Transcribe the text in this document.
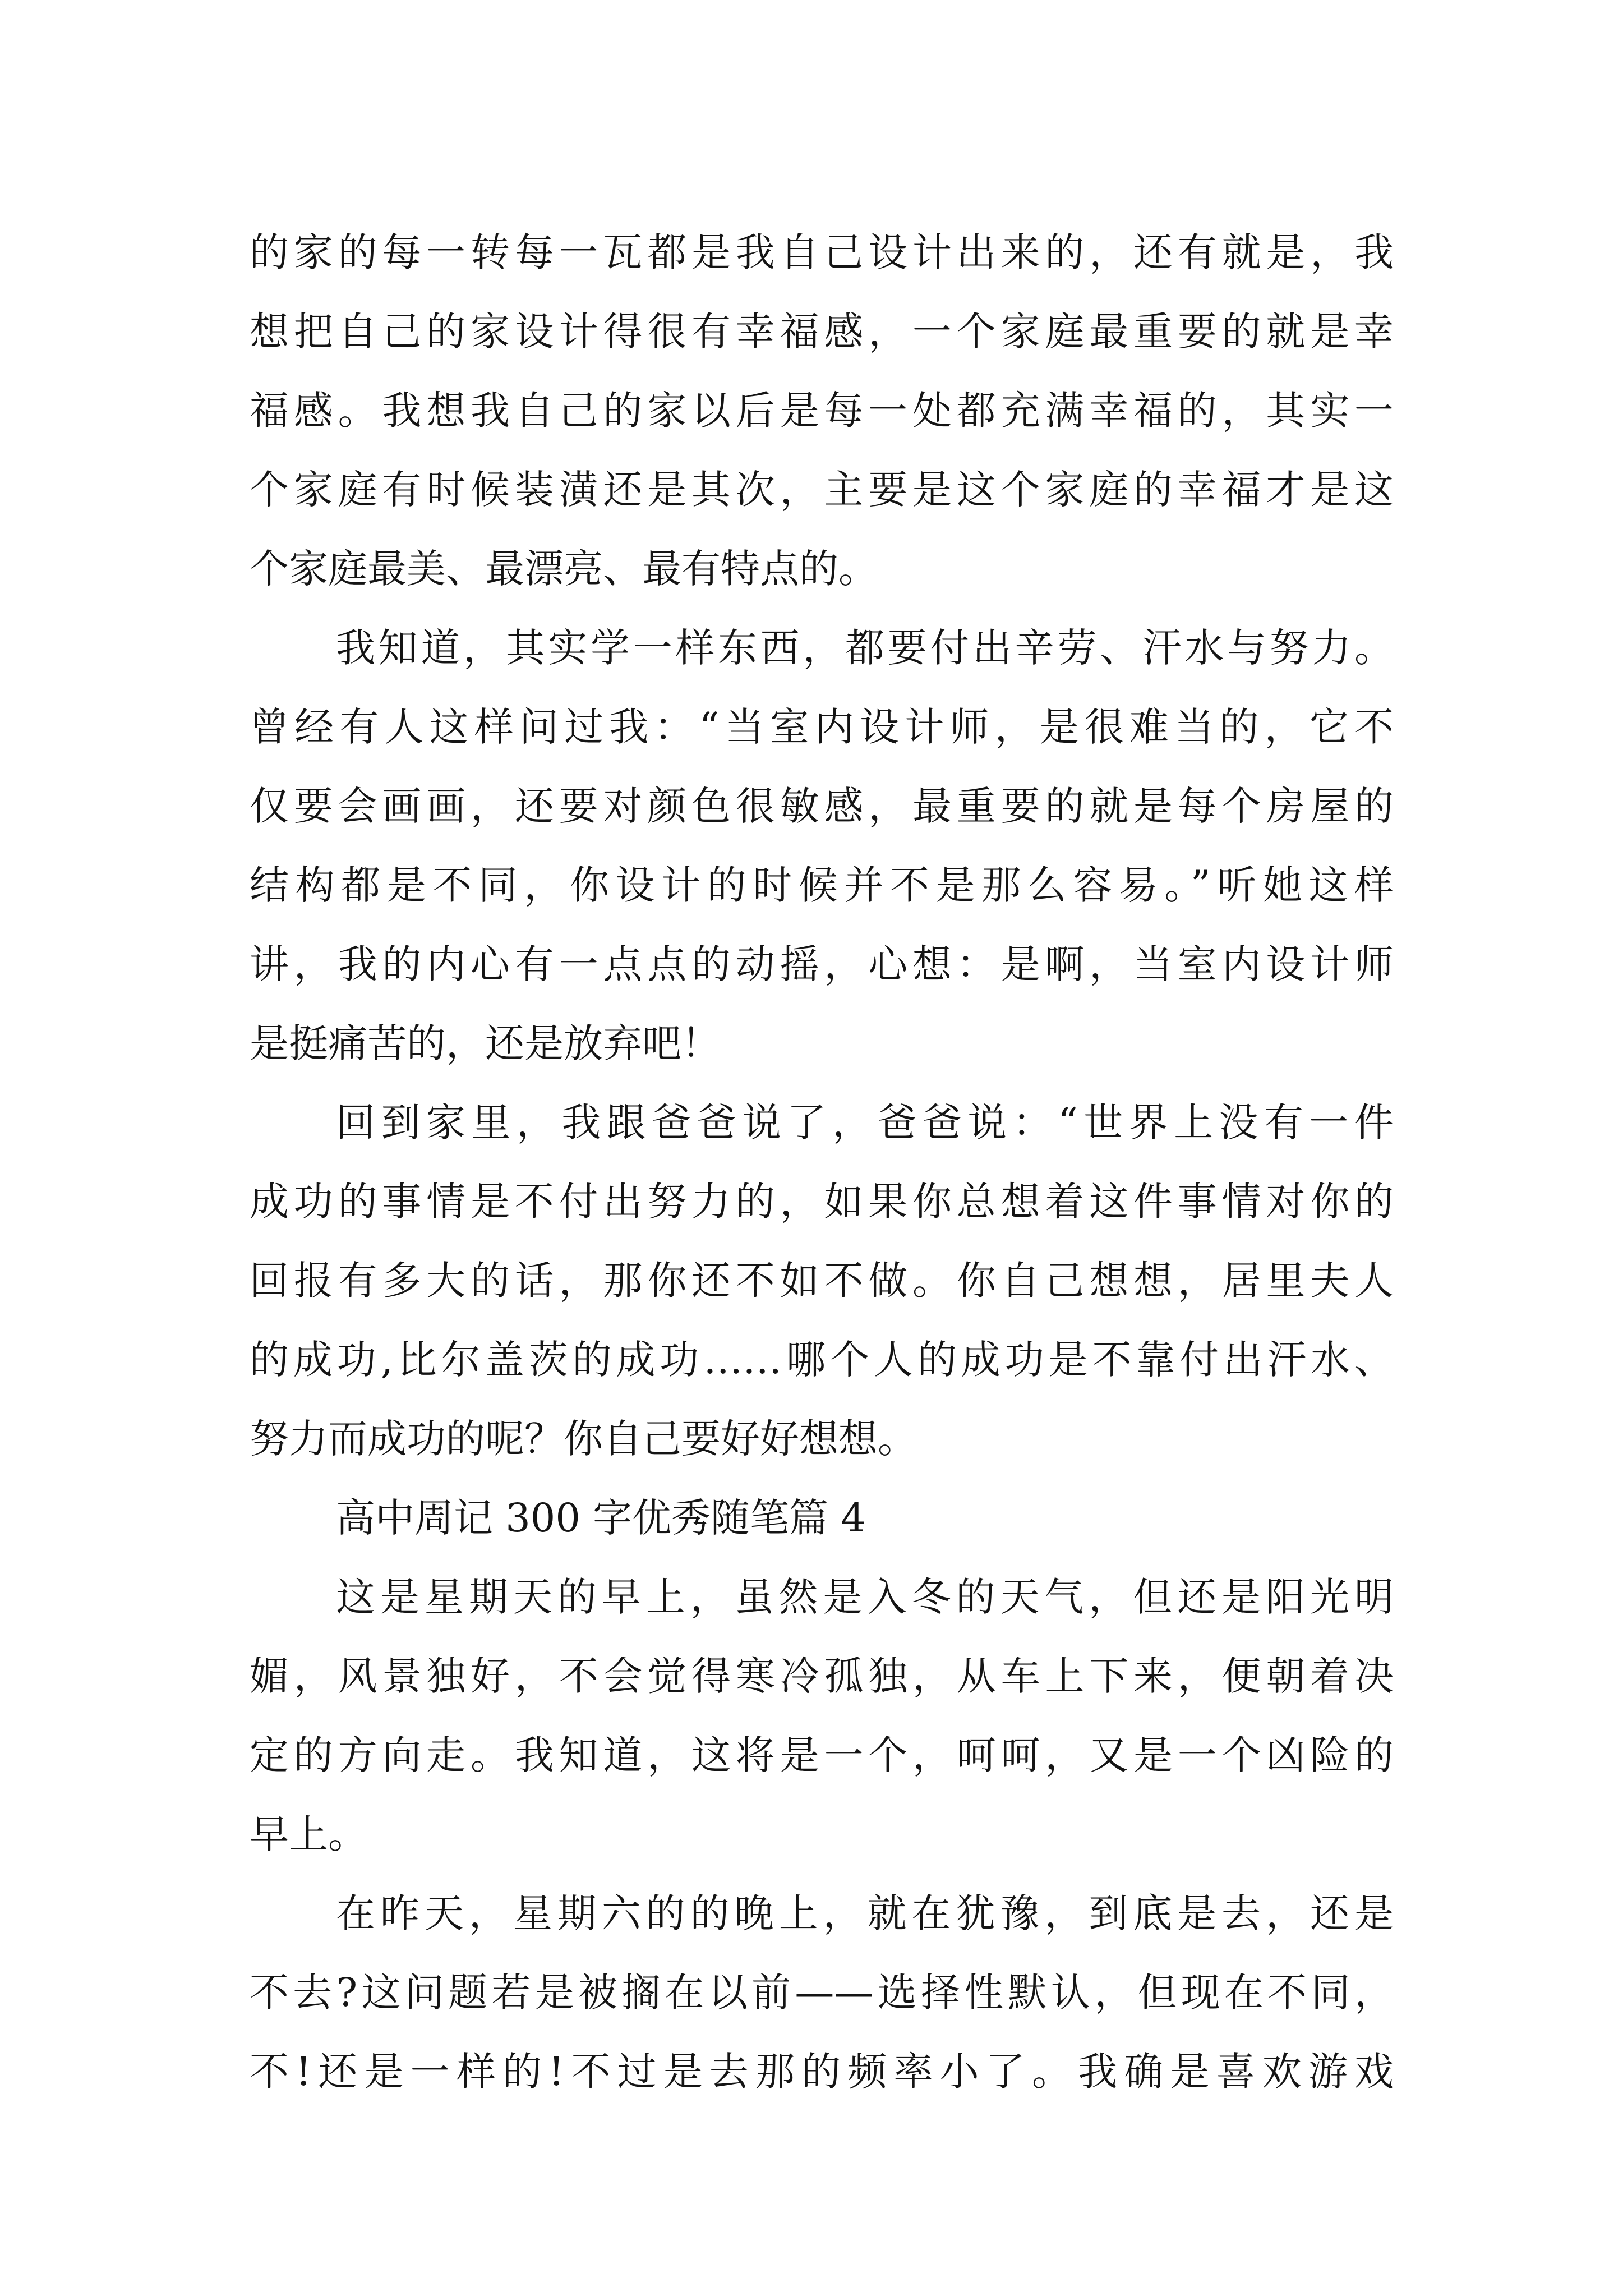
的家的每一转每一瓦都是我自己设计出来的，还有就是，我
想把自己的家设计得很有幸福感，一个家庭最重要的就是幸
福感。我想我自己的家以后是每一处都充满幸福的，其实一
个家庭有时候装潢还是其次，主要是这个家庭的幸福才是这
个家庭最美、最漂亮、最有特点的。
我知道，其实学一样东西，都要付出辛劳、汗水与努力。
曾经有人这样问过我：“当室内设计师，是很难当的，它不
仅要会画画，还要对颜色很敏感，最重要的就是每个房屋的
结构都是不同，你设计的时候并不是那么容易。”听她这样
讲，我的内心有一点点的动摇，心想：是啊，当室内设计师
是挺痛苦的，还是放弃吧！
回到家里，我跟爸爸说了，爸爸说：“世界上没有一件
成功的事情是不付出努力的，如果你总想着这件事情对你的
回报有多大的话，那你还不如不做。你自己想想，居里夫人
的成功,比尔盖茨的成功……哪个人的成功是不靠付出汗水、
努力而成功的呢？你自己要好好想想。
高中周记 300 字优秀随笔篇 4
这是星期天的早上，虽然是入冬的天气，但还是阳光明
媚，风景独好，不会觉得寒冷孤独，从车上下来，便朝着决
定的方向走。我知道，这将是一个，呵呵，又是一个凶险的
早上。
在昨天，星期六的的晚上，就在犹豫，到底是去，还是
不去?这问题若是被搁在以前——选择性默认，但现在不同，
不!还是一样的!不过是去那的频率小了。我确是喜欢游戏
